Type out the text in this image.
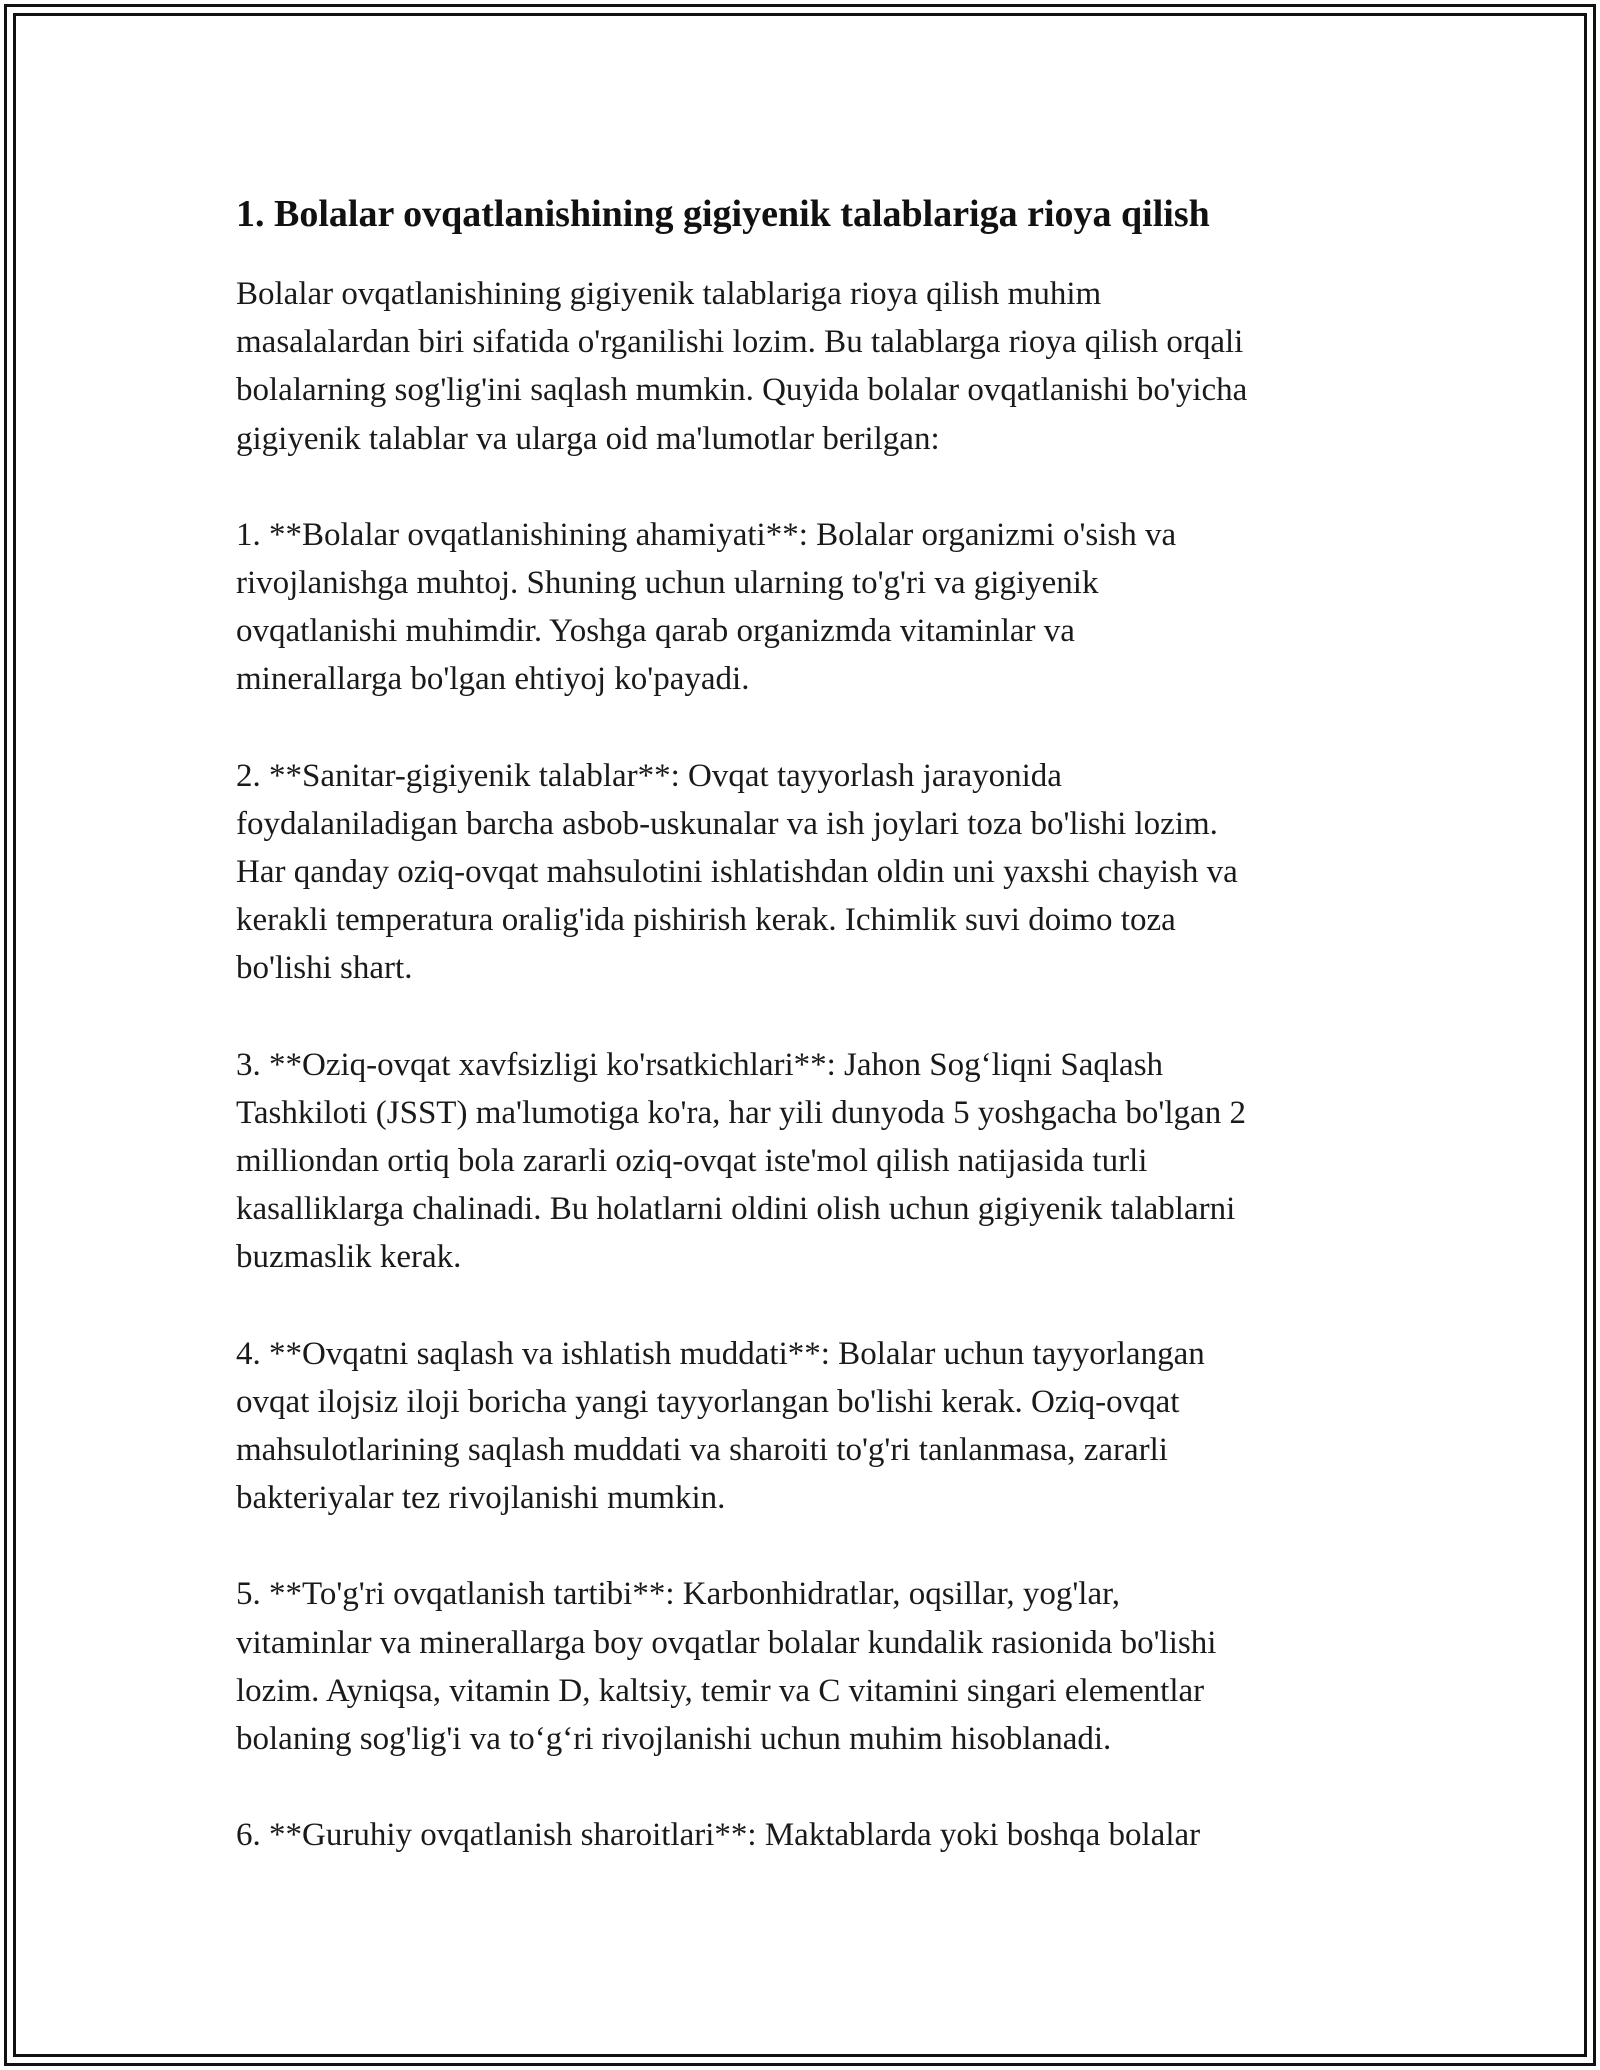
1. Bolalar ovqatlanishining gigiyenik talablariga rioya qilish

Bolalar ovqatlanishining gigiyenik talablariga rioya qilish muhim
masalalardan biri sifatida o'rganilishi lozim. Bu talablarga rioya qilish orqali
bolalarning sog'lig'ini saqlash mumkin. Quyida bolalar ovqatlanishi bo'yicha
gigiyenik talablar va ularga oid ma'lumotlar berilgan:

1. **Bolalar ovqatlanishining ahamiyati**: Bolalar organizmi o'sish va
rivojlanishga muhtoj. Shuning uchun ularning to'g'ri va gigiyenik
ovqatlanishi muhimdir. Yoshga qarab organizmda vitaminlar va
minerallarga bo'lgan ehtiyoj ko'payadi.

2. **Sanitar-gigiyenik talablar**: Ovqat tayyorlash jarayonida
foydalaniladigan barcha asbob-uskunalar va ish joylari toza bo'lishi lozim.
Har qanday oziq-ovqat mahsulotini ishlatishdan oldin uni yaxshi chayish va
kerakli temperatura oralig'ida pishirish kerak. Ichimlik suvi doimo toza
bo'lishi shart.

3. **Oziq-ovqat xavfsizligi ko'rsatkichlari**: Jahon Sog‘liqni Saqlash
Tashkiloti (JSST) ma'lumotiga ko'ra, har yili dunyoda 5 yoshgacha bo'lgan 2
milliondan ortiq bola zararli oziq-ovqat iste'mol qilish natijasida turli
kasalliklarga chalinadi. Bu holatlarni oldini olish uchun gigiyenik talablarni
buzmaslik kerak.

4. **Ovqatni saqlash va ishlatish muddati**: Bolalar uchun tayyorlangan
ovqat ilojsiz iloji boricha yangi tayyorlangan bo'lishi kerak. Oziq-ovqat
mahsulotlarining saqlash muddati va sharoiti to'g'ri tanlanmasa, zararli
bakteriyalar tez rivojlanishi mumkin.

5. **To'g'ri ovqatlanish tartibi**: Karbonhidratlar, oqsillar, yog'lar,
vitaminlar va minerallarga boy ovqatlar bolalar kundalik rasionida bo'lishi
lozim. Ayniqsa, vitamin D, kaltsiy, temir va C vitamini singari elementlar
bolaning sog'lig'i va to‘g‘ri rivojlanishi uchun muhim hisoblanadi.

6. **Guruhiy ovqatlanish sharoitlari**: Maktablarda yoki boshqa bolalar
